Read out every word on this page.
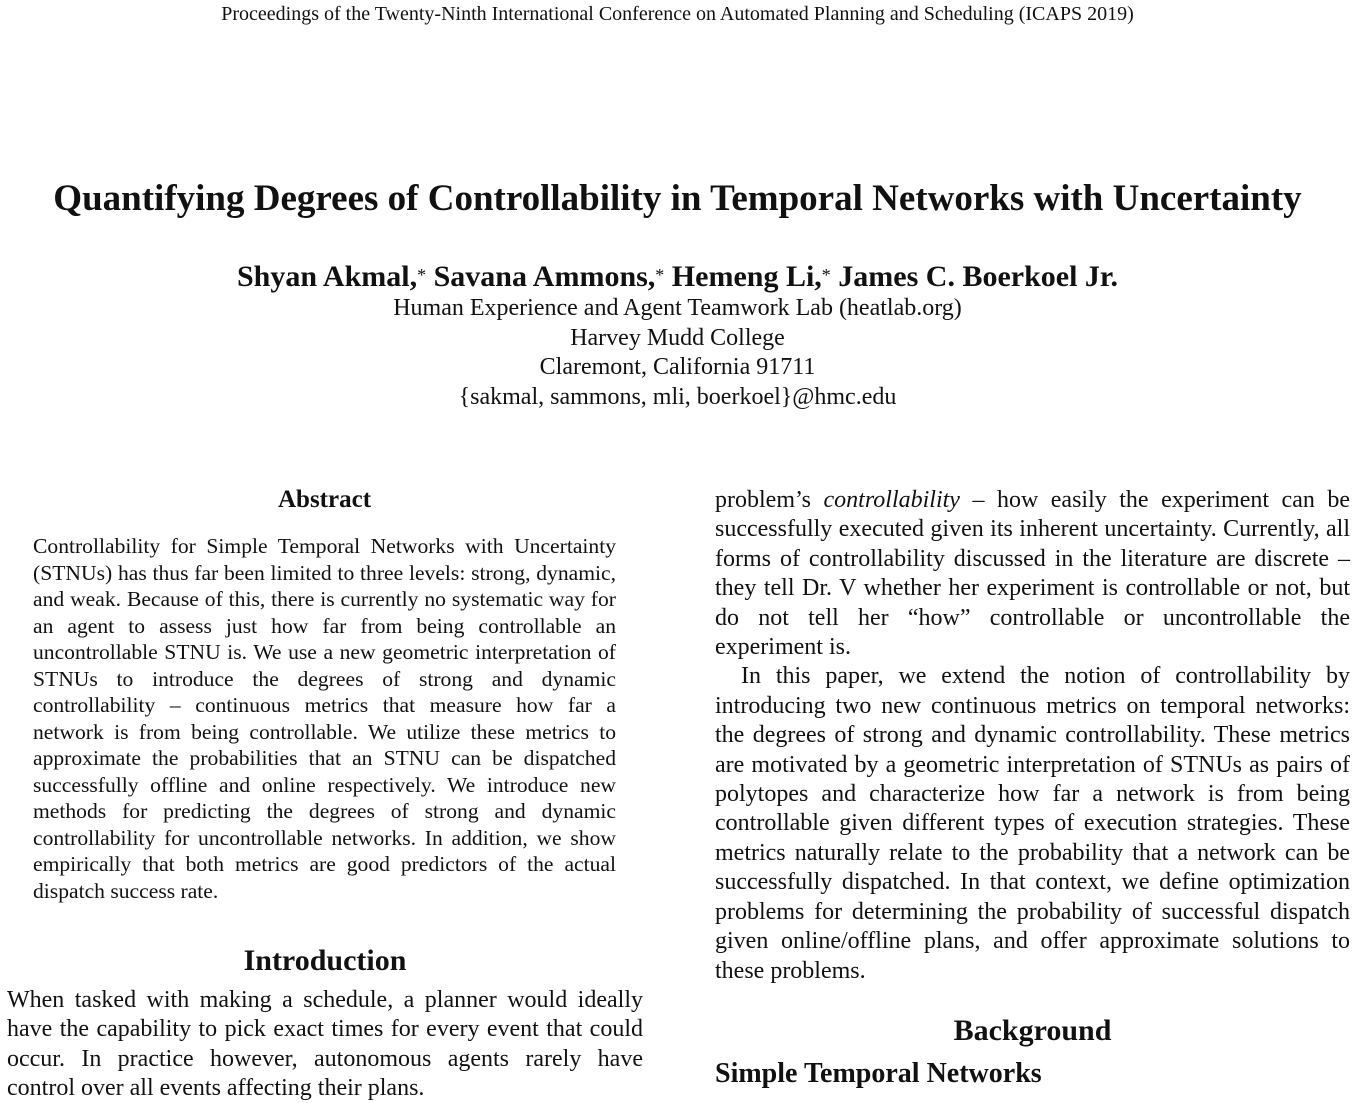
Proceedings of the Twenty-Ninth International Conference on Automated Planning and Scheduling (ICAPS 2019)
Quantifying Degrees of Controllability in Temporal Networks with Uncertainty
Shyan Akmal,* Savana Ammons,* Hemeng Li,* James C. Boerkoel Jr.
Human Experience and Agent Teamwork Lab (heatlab.org)
Harvey Mudd College
Claremont, California 91711
{sakmal, sammons, mli, boerkoel}@hmc.edu
Abstract
Controllability for Simple Temporal Networks with Uncertainty (STNUs) has thus far been limited to three levels: strong, dynamic, and weak. Because of this, there is currently no systematic way for an agent to assess just how far from being controllable an uncontrollable STNU is. We use a new geometric interpretation of STNUs to introduce the degrees of strong and dynamic controllability – continuous metrics that measure how far a network is from being controllable. We utilize these metrics to approximate the probabilities that an STNU can be dispatched successfully offline and online respectively. We introduce new methods for predicting the degrees of strong and dynamic controllability for uncontrollable networks. In addition, we show empirically that both metrics are good predictors of the actual dispatch success rate.
Introduction
When tasked with making a schedule, a planner would ideally have the capability to pick exact times for every event that could occur. In practice however, autonomous agents rarely have control over all events affecting their plans.

problem’s controllability – how easily the experiment can be successfully executed given its inherent uncertainty. Currently, all forms of controllability discussed in the literature are discrete – they tell Dr. V whether her experiment is controllable or not, but do not tell her “how” controllable or uncontrollable the experiment is.

In this paper, we extend the notion of controllability by introducing two new continuous metrics on temporal networks: the degrees of strong and dynamic controllability. These metrics are motivated by a geometric interpretation of STNUs as pairs of polytopes and characterize how far a network is from being controllable given different types of execution strategies. These metrics naturally relate to the probability that a network can be successfully dispatched. In that context, we define optimization problems for determining the probability of successful dispatch given online/offline plans, and offer approximate solutions to these problems.

Background
Simple Temporal Networks
